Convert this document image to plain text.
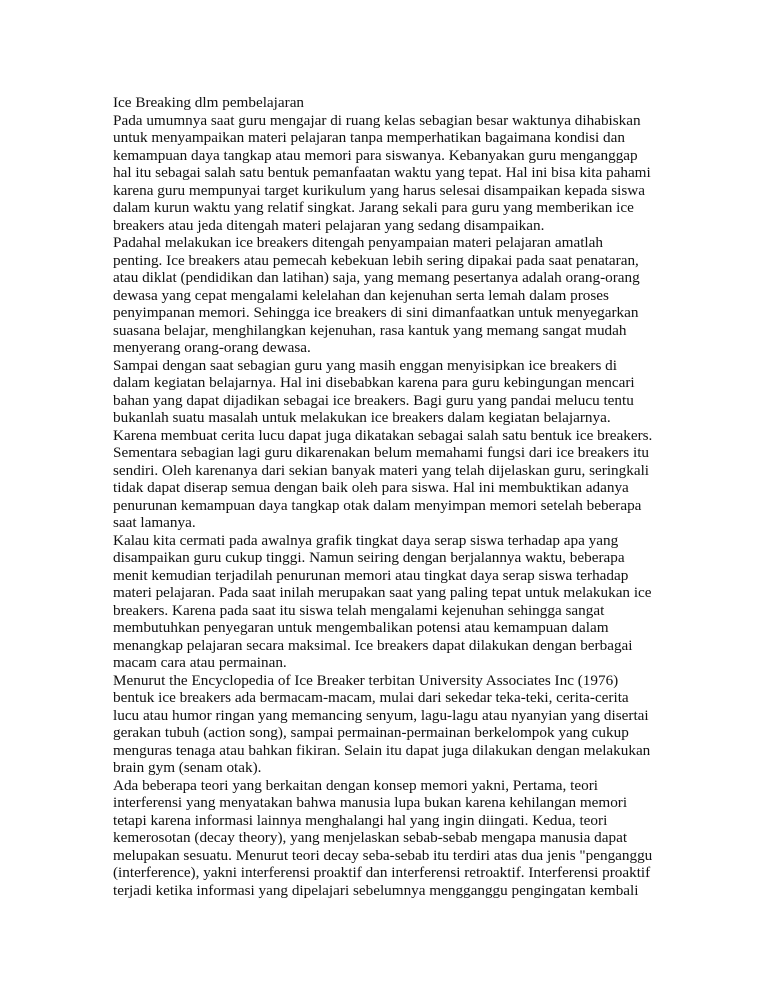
Ice Breaking dlm pembelajaran
Pada umumnya saat guru mengajar di ruang kelas sebagian besar waktunya dihabiskan
untuk menyampaikan materi pelajaran tanpa memperhatikan bagaimana kondisi dan
kemampuan daya tangkap atau memori para siswanya. Kebanyakan guru menganggap
hal itu sebagai salah satu bentuk pemanfaatan waktu yang tepat. Hal ini bisa kita pahami
karena guru mempunyai target kurikulum yang harus selesai disampaikan kepada siswa
dalam kurun waktu yang relatif singkat. Jarang sekali para guru yang memberikan ice
breakers atau jeda ditengah materi pelajaran yang sedang disampaikan.
Padahal melakukan ice breakers ditengah penyampaian materi pelajaran amatlah
penting. Ice breakers atau pemecah kebekuan lebih sering dipakai pada saat penataran,
atau diklat (pendidikan dan latihan) saja, yang memang pesertanya adalah orang-orang
dewasa yang cepat mengalami kelelahan dan kejenuhan serta lemah dalam proses
penyimpanan memori. Sehingga ice breakers di sini dimanfaatkan untuk menyegarkan
suasana belajar, menghilangkan kejenuhan, rasa kantuk yang memang sangat mudah
menyerang orang-orang dewasa.
Sampai dengan saat sebagian guru yang masih enggan menyisipkan ice breakers di
dalam kegiatan belajarnya. Hal ini disebabkan karena para guru kebingungan mencari
bahan yang dapat dijadikan sebagai ice breakers. Bagi guru yang pandai melucu tentu
bukanlah suatu masalah untuk melakukan ice breakers dalam kegiatan belajarnya.
Karena membuat cerita lucu dapat juga dikatakan sebagai salah satu bentuk ice breakers.
Sementara sebagian lagi guru dikarenakan belum memahami fungsi dari ice breakers itu
sendiri. Oleh karenanya dari sekian banyak materi yang telah dijelaskan guru, seringkali
tidak dapat diserap semua dengan baik oleh para siswa. Hal ini membuktikan adanya
penurunan kemampuan daya tangkap otak dalam menyimpan memori setelah beberapa
saat lamanya.
Kalau kita cermati pada awalnya grafik tingkat daya serap siswa terhadap apa yang
disampaikan guru cukup tinggi. Namun seiring dengan berjalannya waktu, beberapa
menit kemudian terjadilah penurunan memori atau tingkat daya serap siswa terhadap
materi pelajaran. Pada saat inilah merupakan saat yang paling tepat untuk melakukan ice
breakers. Karena pada saat itu siswa telah mengalami kejenuhan sehingga sangat
membutuhkan penyegaran untuk mengembalikan potensi atau kemampuan dalam
menangkap pelajaran secara maksimal. Ice breakers dapat dilakukan dengan berbagai
macam cara atau permainan.
Menurut the Encyclopedia of Ice Breaker terbitan University Associates Inc (1976)
bentuk ice breakers ada bermacam-macam, mulai dari sekedar teka-teki, cerita-cerita
lucu atau humor ringan yang memancing senyum, lagu-lagu atau nyanyian yang disertai
gerakan tubuh (action song), sampai permainan-permainan berkelompok yang cukup
menguras tenaga atau bahkan fikiran. Selain itu dapat juga dilakukan dengan melakukan
brain gym (senam otak).
Ada beberapa teori yang berkaitan dengan konsep memori yakni, Pertama, teori
interferensi yang menyatakan bahwa manusia lupa bukan karena kehilangan memori
tetapi karena informasi lainnya menghalangi hal yang ingin diingati. Kedua, teori
kemerosotan (decay theory), yang menjelaskan sebab-sebab mengapa manusia dapat
melupakan sesuatu. Menurut teori decay seba-sebab itu terdiri atas dua jenis "penganggu
(interference), yakni interferensi proaktif dan interferensi retroaktif. Interferensi proaktif
terjadi ketika informasi yang dipelajari sebelumnya mengganggu pengingatan kembali
